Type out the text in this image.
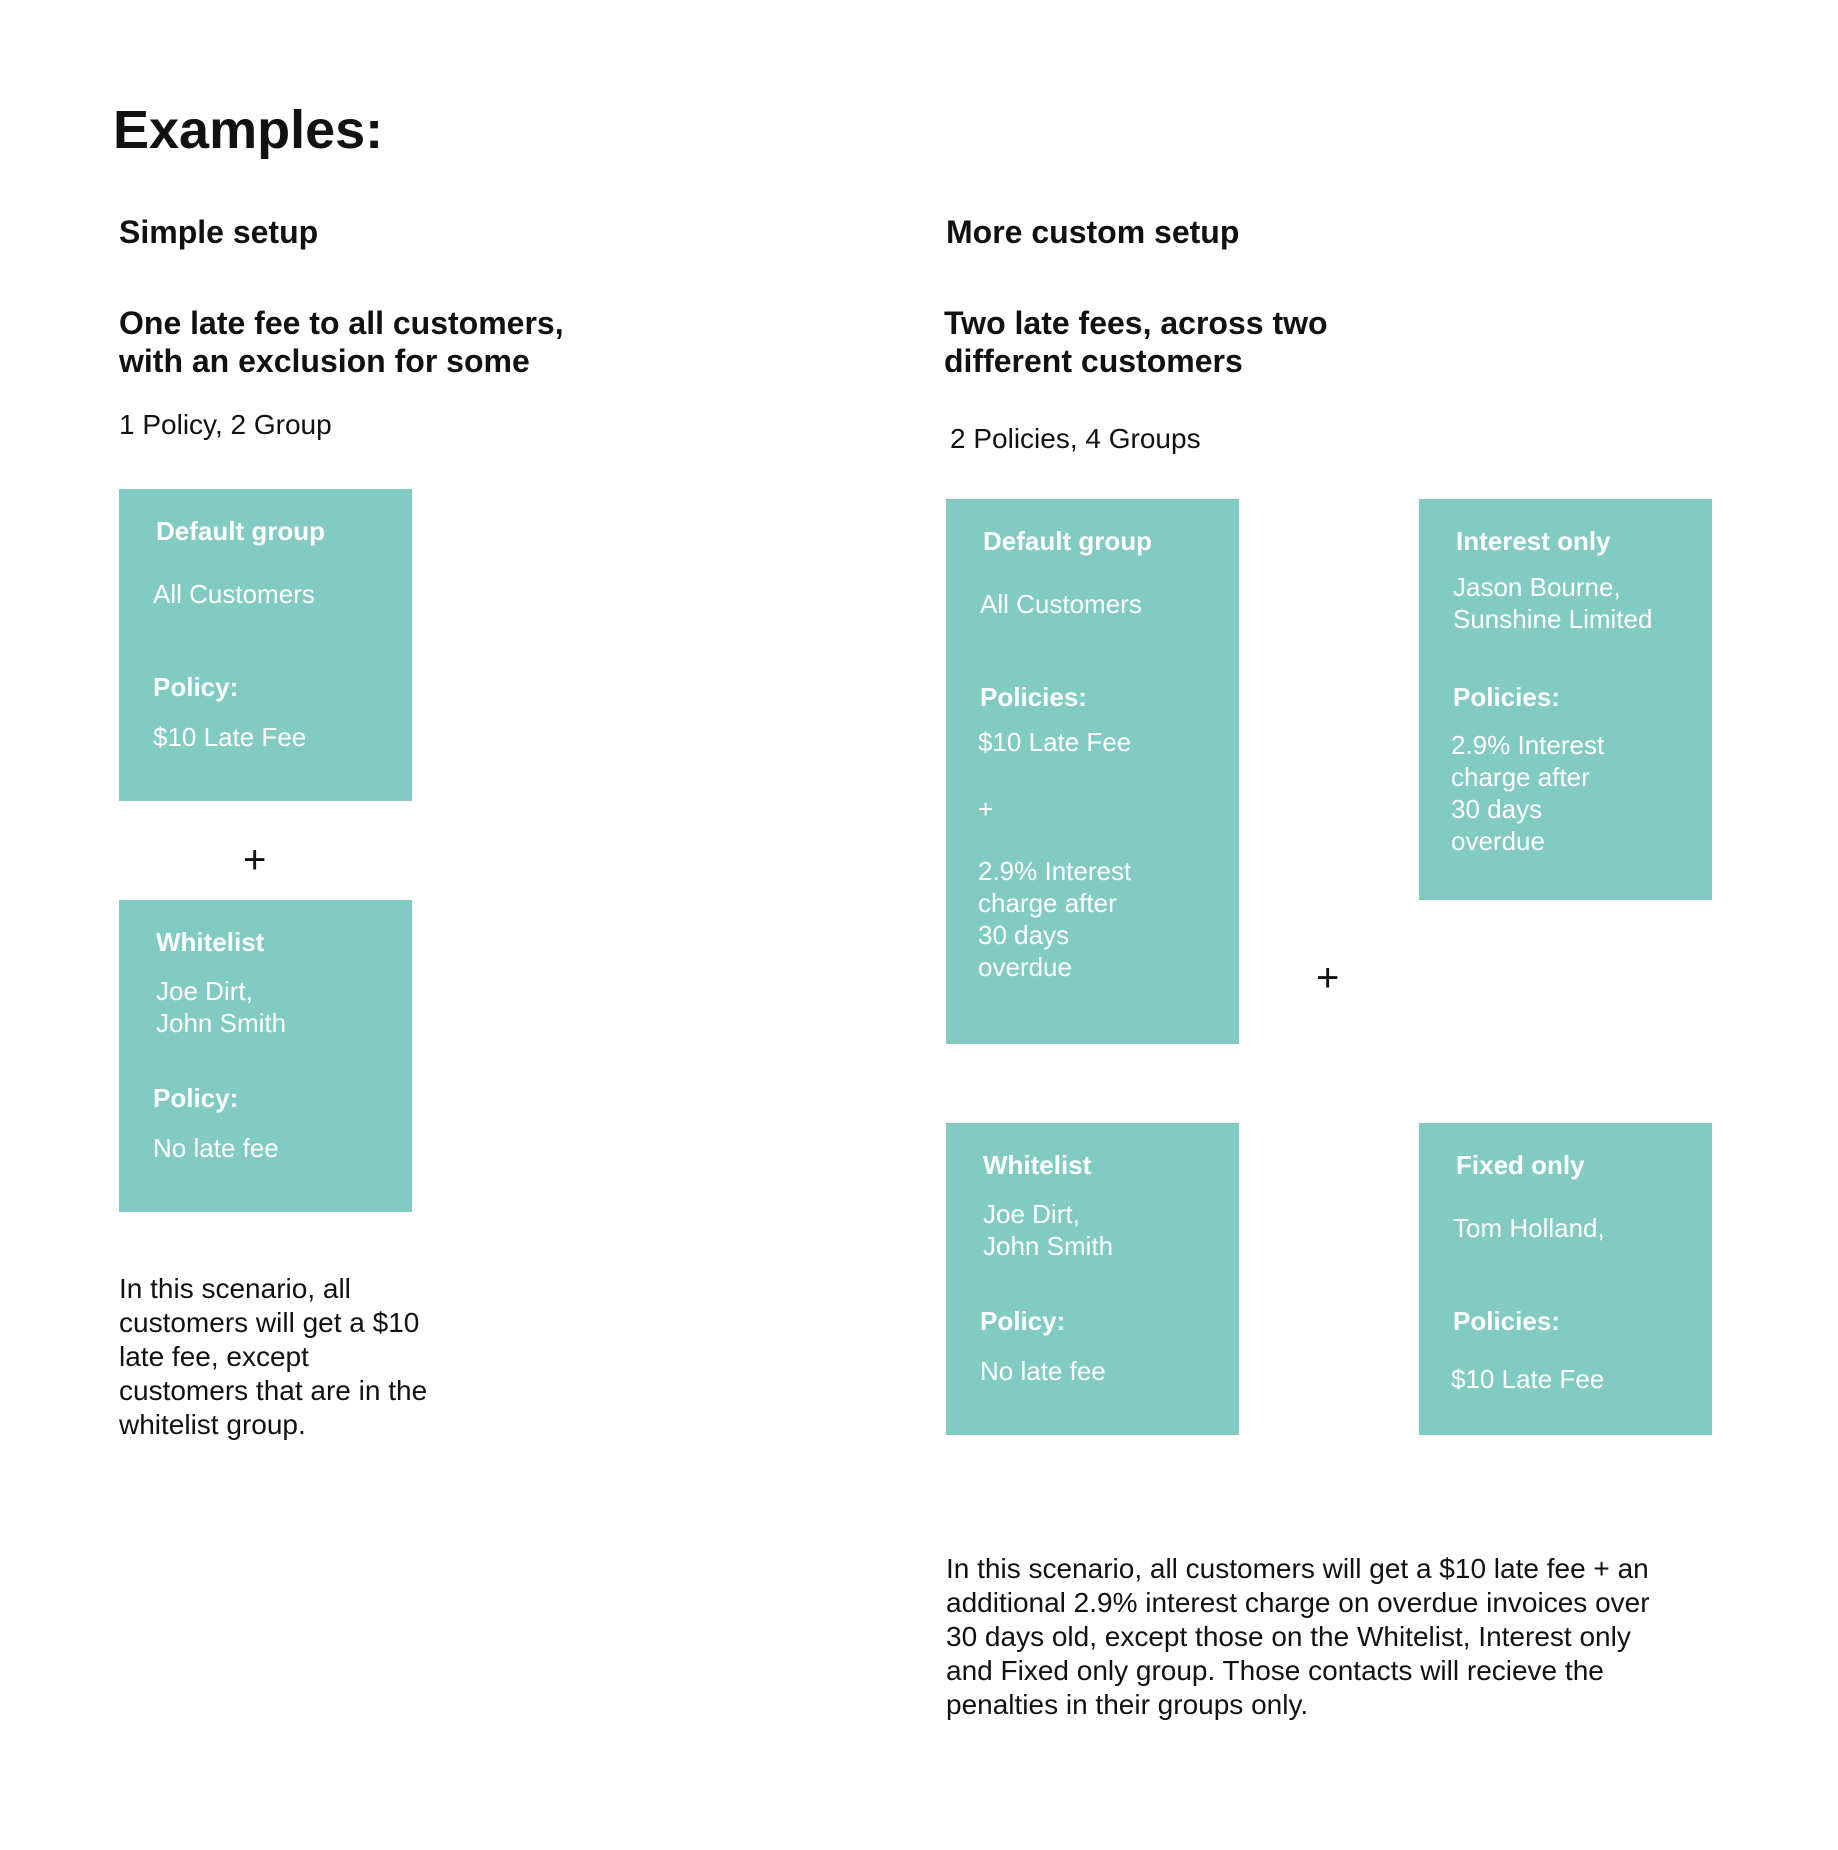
Examples:
Simple setup
One late fee to all customers,
with an exclusion for some
1 Policy, 2 Group
Default group
All Customers
Policy:
$10 Late Fee
+
Whitelist
Joe Dirt,
John Smith
Policy:
No late fee
In this scenario, all
customers will get a $10
late fee, except
customers that are in the
whitelist group.
More custom setup
Two late fees, across two
different customers
2 Policies, 4 Groups
Default group
All Customers
Policies:
$10 Late Fee
+
2.9% Interest
charge after
30 days
overdue
Interest only
Jason Bourne,
Sunshine Limited
Policies:
2.9% Interest
charge after
30 days
overdue
+
Whitelist
Joe Dirt,
John Smith
Policy:
No late fee
Fixed only
Tom Holland,
Policies:
$10 Late Fee
In this scenario, all customers will get a $10 late fee + an
additional 2.9% interest charge on overdue invoices over
30 days old, except those on the Whitelist, Interest only
and Fixed only group. Those contacts will recieve the
penalties in their groups only.
